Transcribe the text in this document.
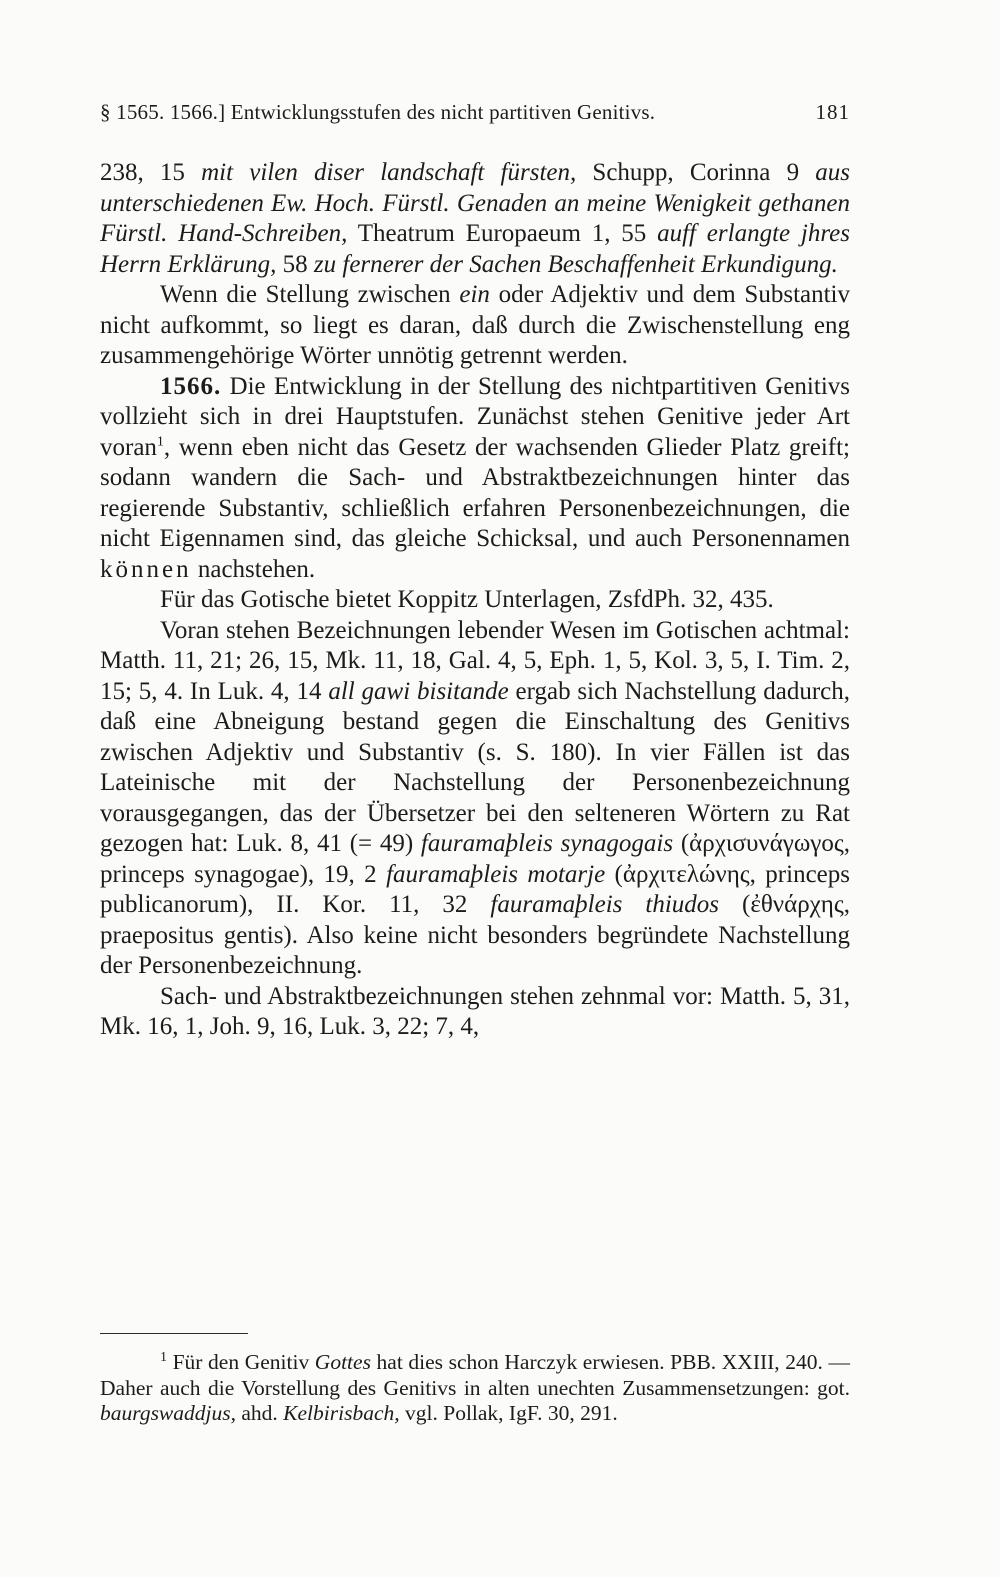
§ 1565. 1566.] Entwicklungsstufen des nicht partitiven Genitivs.	181

238, 15 mit vilen diser landschaft fürsten, Schupp, Corinna 9 aus unterschiedenen Ew. Hoch. Fürstl. Genaden an meine Wenigkeit gethanen Fürstl. Hand-Schreiben, Theatrum Europaeum 1, 55 auff erlangte jhres Herrn Erklärung, 58 zu fernerer der Sachen Beschaffenheit Erkundigung.

Wenn die Stellung zwischen ein oder Adjektiv und dem Substantiv nicht aufkommt, so liegt es daran, daß durch die Zwischenstellung eng zusammengehörige Wörter unnötig getrennt werden.

1566. Die Entwicklung in der Stellung des nichtpartitiven Genitivs vollzieht sich in drei Hauptstufen. Zunächst stehen Genitive jeder Art voran$^1$, wenn eben nicht das Gesetz der wachsenden Glieder Platz greift; sodann wandern die Sach- und Abstraktbezeichnungen hinter das regierende Substantiv, schließlich erfahren Personenbezeichnungen, die nicht Eigennamen sind, das gleiche Schicksal, und auch Personennamen können nachstehen.

Für das Gotische bietet Koppitz Unterlagen, ZsfdPh. 32, 435.

Voran stehen Bezeichnungen lebender Wesen im Gotischen achtmal: Matth. 11, 21; 26, 15, Mk. 11, 18, Gal. 4, 5, Eph. 1, 5, Kol. 3, 5, I. Tim. 2, 15; 5, 4. In Luk. 4, 14 all gawi bisitande ergab sich Nachstellung dadurch, daß eine Abneigung bestand gegen die Einschaltung des Genitivs zwischen Adjektiv und Substantiv (s. S. 180). In vier Fällen ist das Lateinische mit der Nachstellung der Personenbezeichnung vorausgegangen, das der Übersetzer bei den selteneren Wörtern zu Rat gezogen hat: Luk. 8, 41 (= 49) fauramaþleis synagogais (ἀρχισυνάγωγος, princeps synagogae), 19, 2 fauramaþleis motarje (ἀρχιτελώνης, princeps publicanorum), II. Kor. 11, 32 fauramaþleis thiudos (ἐθνάρχης, praepositus gentis). Also keine nicht besonders begründete Nachstellung der Personenbezeichnung.

Sach- und Abstraktbezeichnungen stehen zehnmal vor: Matth. 5, 31, Mk. 16, 1, Joh. 9, 16, Luk. 3, 22; 7, 4,

$^1$ Für den Genitiv Gottes hat dies schon Harczyk erwiesen. PBB. XXIII, 240. — Daher auch die Vorstellung des Genitivs in alten unechten Zusammensetzungen: got. baurgswaddjus, ahd. Kelbirisbach, vgl. Pollak, IgF. 30, 291.
